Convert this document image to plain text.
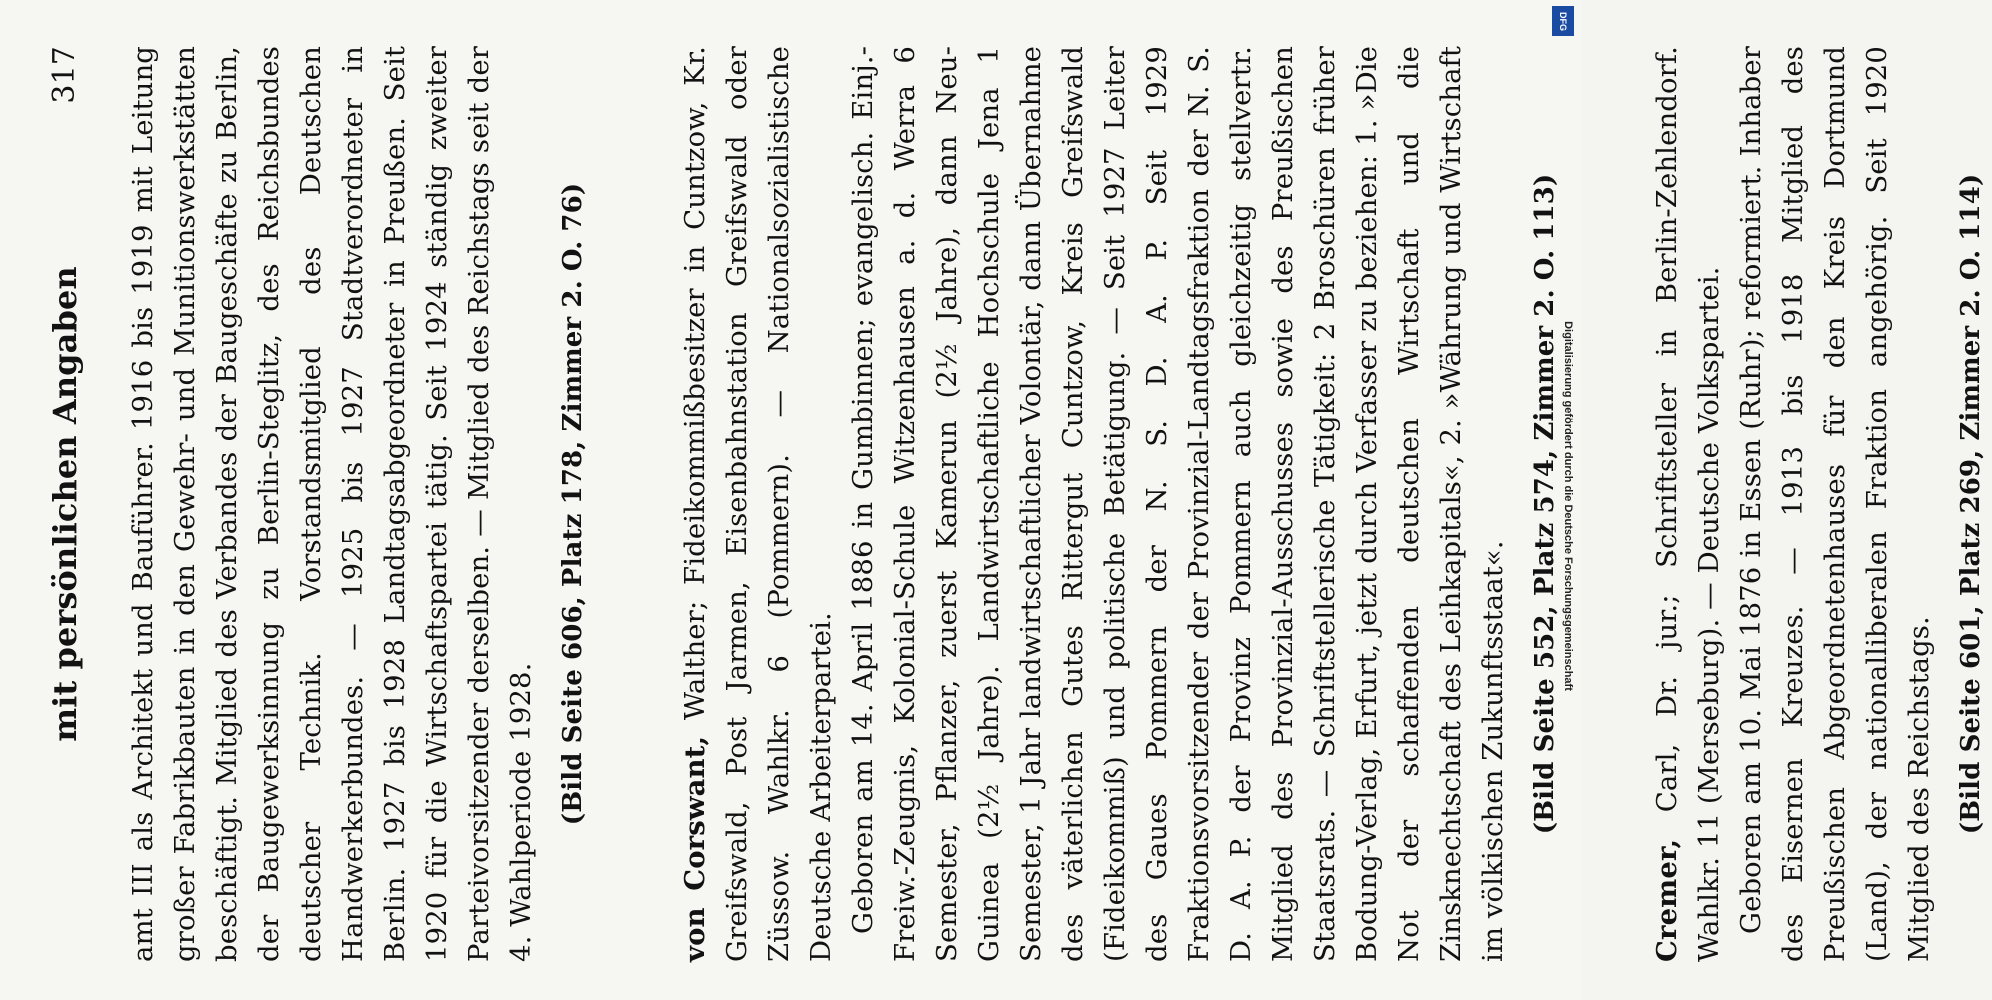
mit persönlichen Angaben
317 amt III als Architekt und Bauführer. 1916 bis 1919 mit Leitung großer Fabrikbauten in den Gewehr- und Munitionswerkstätten beschäftigt. Mitglied des Verbandes der Baugeschäfte zu Berlin, der Baugewerksinnung zu Berlin-Steglitz, des Reichsbundes deutscher Technik. Vorstandsmitglied des Deutschen Handwerkerbundes. — 1925 bis 1927 Stadtverordneter in Berlin. 1927 bis 1928 Landtagsabgeordneter in Preußen. Seit 1920 für die Wirtschaftspartei tätig. Seit 1924 ständig zweiter Parteivorsitzender derselben. — Mitglied des Reichstags seit der 4. Wahlperiode 1928. (Bild Seite 606, Platz 178, Zimmer 2. O. 76)

von Corswant, Walther; Fideikommißbesitzer in Cuntzow, Kr. Greifswald, Post Jarmen, Eisenbahnstation Greifswald oder Züssow. Wahlkr. 6 (Pommern). — Nationalsozialistische Deutsche Arbeiterpartei. Geboren am 14. April 1886 in Gumbinnen; evangelisch. Einj.-Freiw.-Zeugnis, Kolonial-Schule Witzenhausen a. d. Werra 6 Semester, Pflanzer, zuerst Kamerun (2½ Jahre), dann Neu-Guinea (2½ Jahre). Landwirtschaftliche Hochschule Jena 1 Semester, 1 Jahr landwirtschaftlicher Volontär, dann Übernahme des väterlichen Gutes Rittergut Cuntzow, Kreis Greifswald (Fideikommiß) und politische Betätigung. — Seit 1927 Leiter des Gaues Pommern der N. S. D. A. P. Seit 1929 Fraktionsvorsitzender der Provinzial-Landtagsfraktion der N. S. D. A. P. der Provinz Pommern auch gleichzeitig stellvertr. Mitglied des Provinzial-Ausschusses sowie des Preußischen Staatsrats. — Schriftstellerische Tätigkeit: 2 Broschüren früher Bodung-Verlag, Erfurt, jetzt durch Verfasser zu beziehen: 1. »Die Not der schaffenden deutschen Wirtschaft und die Zinsknechtschaft des Leihkapitals«, 2. »Währung und Wirtschaft im völkischen Zukunftsstaat«. (Bild Seite 552, Platz 574, Zimmer 2. O. 113)

Cremer, Carl, Dr. jur.; Schriftsteller in Berlin-Zehlendorf. Wahlkr. 11 (Merseburg). — Deutsche Volkspartei. Geboren am 10. Mai 1876 in Essen (Ruhr); reformiert. Inhaber des Eisernen Kreuzes. — 1913 bis 1918 Mitglied des Preußischen Abgeordnetenhauses für den Kreis Dortmund (Land), der nationalliberalen Fraktion angehörig. Seit 1920 Mitglied des Reichstags. (Bild Seite 601, Platz 269, Zimmer 2. O. 114)
DFG
Digitalisierung gefördert durch die Deutsche Forschungsgemeinschaft
